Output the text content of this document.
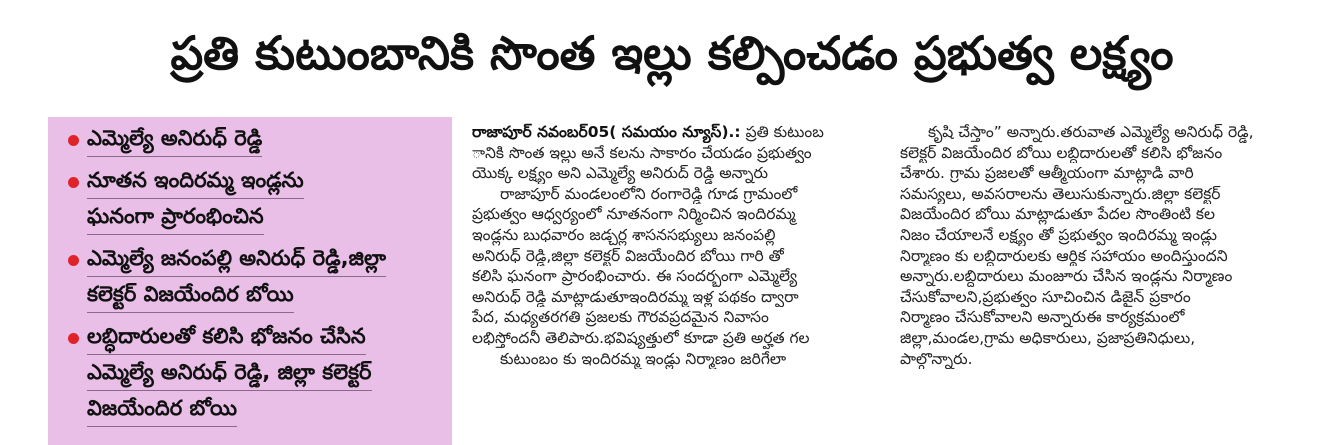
ప్రతి కుటుంబానికి సొంత ఇల్లు కల్పించడం ప్రభుత్వ లక్ష్యం
ఎమ్మెల్యే అనిరుధ్ రెడ్డి
నూతన ఇందిరమ్మ ఇండ్లను
ఘనంగా ప్రారంభించిన
ఎమ్మెల్యే జనంపల్లి అనిరుధ్ రెడ్డి,జిల్లా
కలెక్టర్ విజయేందిర బోయి
లబ్ధిదారులతో కలిసి భోజనం చేసిన
ఎమ్మెల్యే అనిరుధ్ రెడ్డి, జిల్లా కలెక్టర్
విజయేందిర బోయి
రాజాపూర్ నవంబర్05( సమయం న్యూస్).: ప్రతి కుటుంబ
ానికి సొంత ఇల్లు అనే కలను సాకారం చేయడం ప్రభుత్వం
యొక్క లక్ష్యం అని ఎమ్మెల్యే అనిరుద్ రెడ్డి అన్నారు
రాజాపూర్ మండలంలోని రంగారెడ్డి గూడ గ్రామంలో
ప్రభుత్వం ఆధ్వర్యంలో నూతనంగా నిర్మించిన ఇందిరమ్మ
ఇండ్లను బుధవారం జడ్చర్ల శాసనసభ్యులు జనంపల్లి
అనిరుధ్ రెడ్డి,జిల్లా కలెక్టర్ విజయేందిర బోయి గారి తో
కలిసి ఘనంగా ప్రారంభించారు. ఈ సందర్భంగా ఎమ్మెల్యే
అనిరుధ్ రెడ్డి మాట్లాడుతూఇందిరమ్మ ఇళ్ల పథకం ద్వారా
పేద, మధ్యతరగతి ప్రజలకు గౌరవప్రదమైన నివాసం
లభిస్తోందనీ తెలిపారు.భవిష్యత్తులో కూడా ప్రతి అర్హత గల
కుటుంబం కు ఇందిరమ్మ ఇండ్లు నిర్మాణం జరిగేలా
కృషి చేస్తాం” అన్నారు.తరువాత ఎమ్మెల్యే అనిరుధ్ రెడ్డి,
కలెక్టర్ విజయేందిర బోయి లబ్దిదారులతో కలిసి భోజనం
చేశారు. గ్రామ ప్రజలతో ఆత్మీయంగా మాట్లాడి వారి
సమస్యలు, అవసరాలను తెలుసుకున్నారు.జిల్లా కలెక్టర్
విజయేందిర బోయి మాట్లాడుతూ పేదల సొంతింటి కల
నిజం చేయాలనే లక్ష్యం తో ప్రభుత్వం ఇందిరమ్మ ఇండ్లు
నిర్మాణం కు లబ్దిదారులకు ఆర్థిక సహాయం అందిస్తుందని
అన్నారు.లబ్దిదారులు మంజూరు చేసిన ఇండ్లను నిర్మాణం
చేసుకోవాలని,ప్రభుత్వం సూచించిన డిజైన్ ప్రకారం
నిర్మాణం చేసుకోవాలని అన్నారుఈ కార్యక్రమంలో
జిల్లా,మండల,గ్రామ అధికారులు, ప్రజాప్రతినిధులు,
పాల్గొన్నారు.
